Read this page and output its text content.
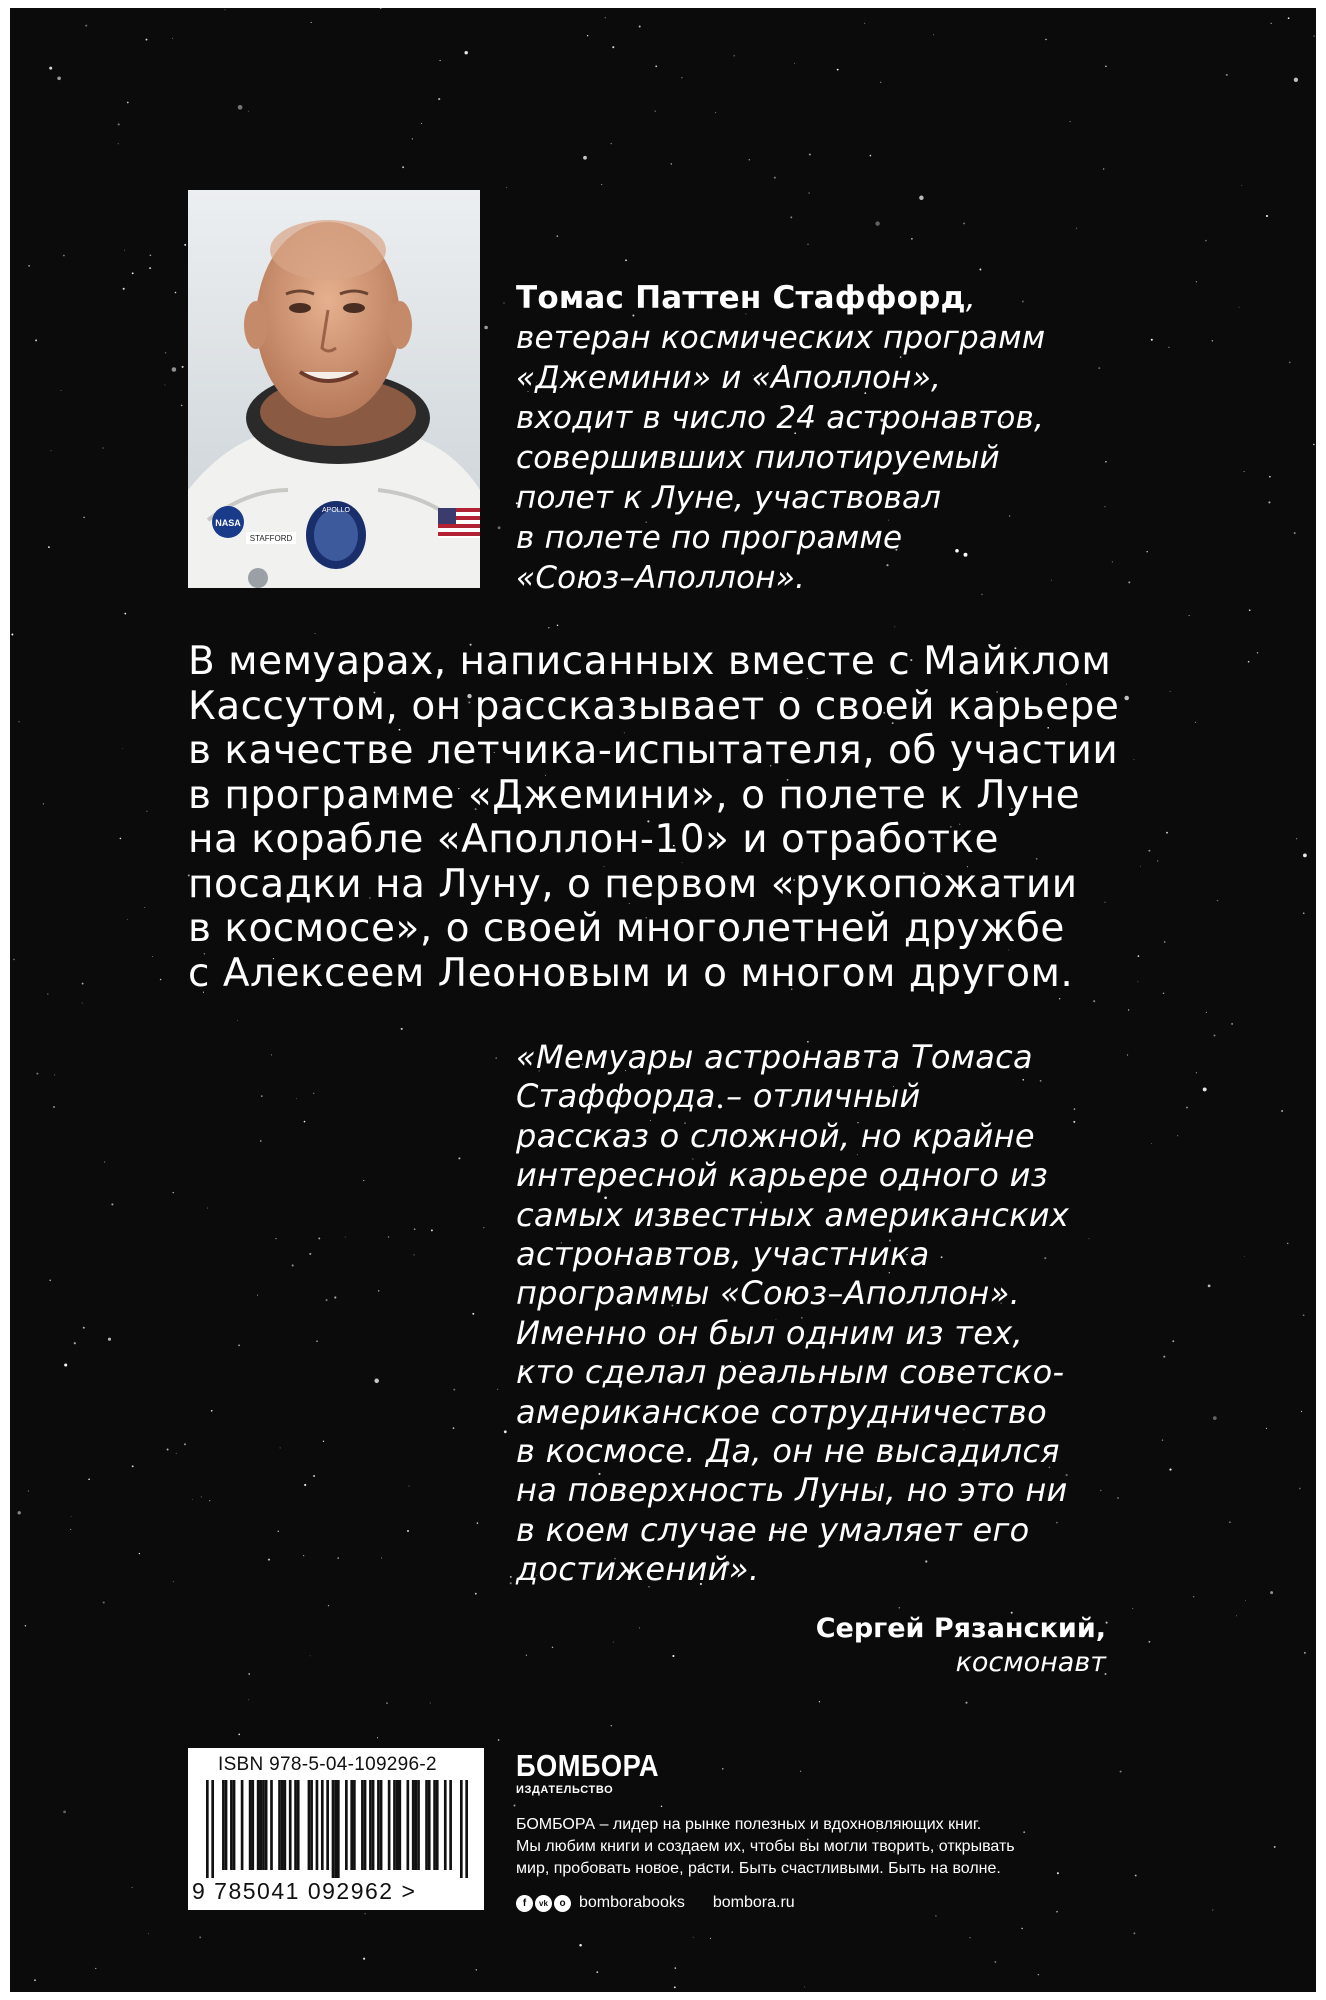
NASA
STAFFORD
APOLLO
Томас Паттен Стаффорд,
ветеран космических программ
«Джемини» и «Аполлон»,
входит в число 24 астронавтов,
совершивших пилотируемый
полет к Луне, участвовал
в полете по программе
«Союз–Аполлон».
В мемуарах, написанных вместе с Майклом
Кассутом, он рассказывает о своей карьере
в качестве летчика-испытателя, об участии
в программе «Джемини», о полете к Луне
на корабле «Аполлон-10» и отработке
посадки на Луну, о первом «рукопожатии
в космосе», о своей многолетней дружбе
с Алексеем Леоновым и о многом другом.
«Мемуары астронавта Томаса
Стаффорда – отличный
рассказ о сложной, но крайне
интересной карьере одного из
самых известных американских
астронавтов, участника
программы «Союз–Аполлон».
Именно он был одним из тех,
кто сделал реальным советско-
американское сотрудничество
в космосе. Да, он не высадился
на поверхность Луны, но это ни
в коем случае не умаляет его
достижений».
Сергей Рязанский,
космонавт
ISBN 978-5-04-109296-2
9 785041 092962 >
БОМБОРА
ИЗДАТЕЛЬСТВО
БОМБОРА – лидер на рынке полезных и вдохновляющих книг.
Мы любим книги и создаем их, чтобы вы могли творить, открывать
мир, пробовать новое, расти. Быть счастливыми. Быть на волне.
f	vk	o bomborabooks bombora.ru
